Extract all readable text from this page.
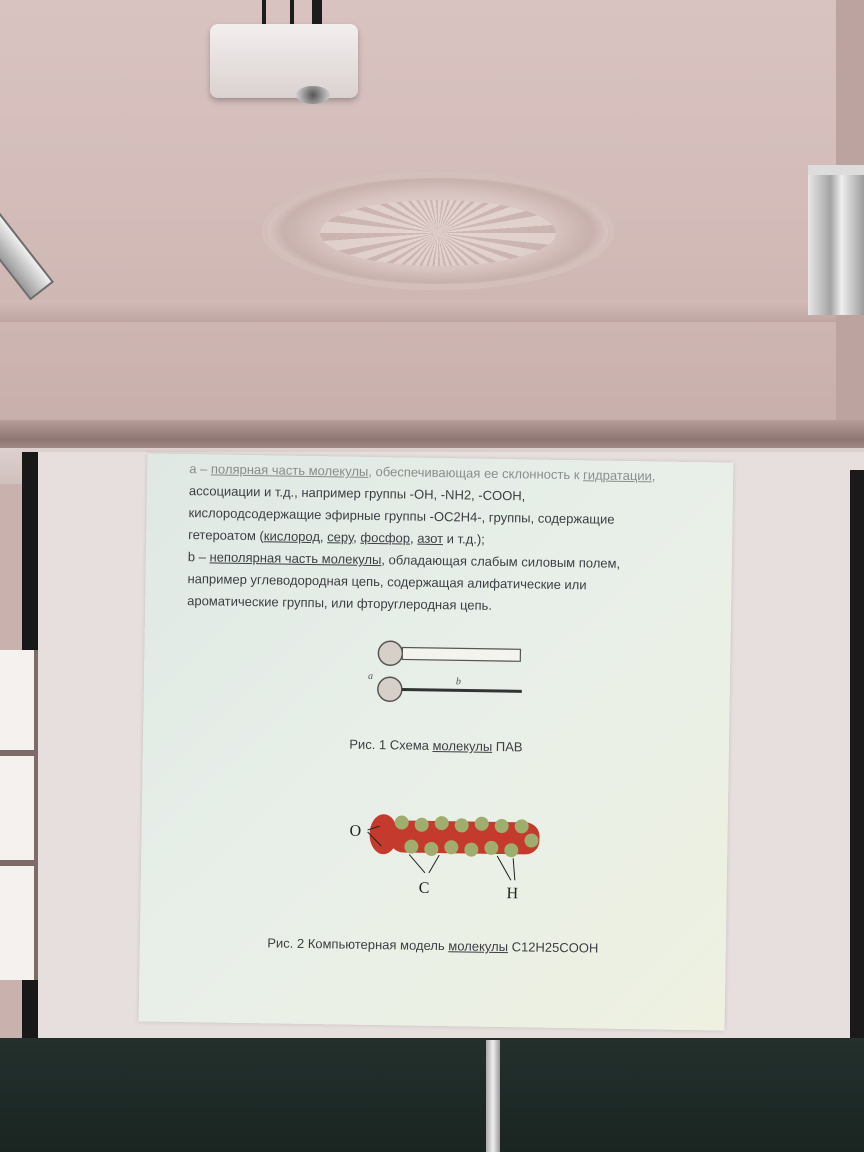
a – полярная часть молекулы, обеспечивающая ее склонность к гидратации,
ассоциации и т.д., например группы -OH, -NH2, -COOH,
кислородсодержащие эфирные группы -OC2H4-, группы, содержащие
гетероатом (кислород, серу, фосфор, азот и т.д.);
b – неполярная часть молекулы, обладающая слабым силовым полем,
например углеводородная цепь, содержащая алифатические или
ароматические группы, или фторуглеродная цепь.
a	b
Рис. 1 Схема молекулы ПАВ
O
C	H
Рис. 2 Компьютерная модель молекулы C12H25COOH
